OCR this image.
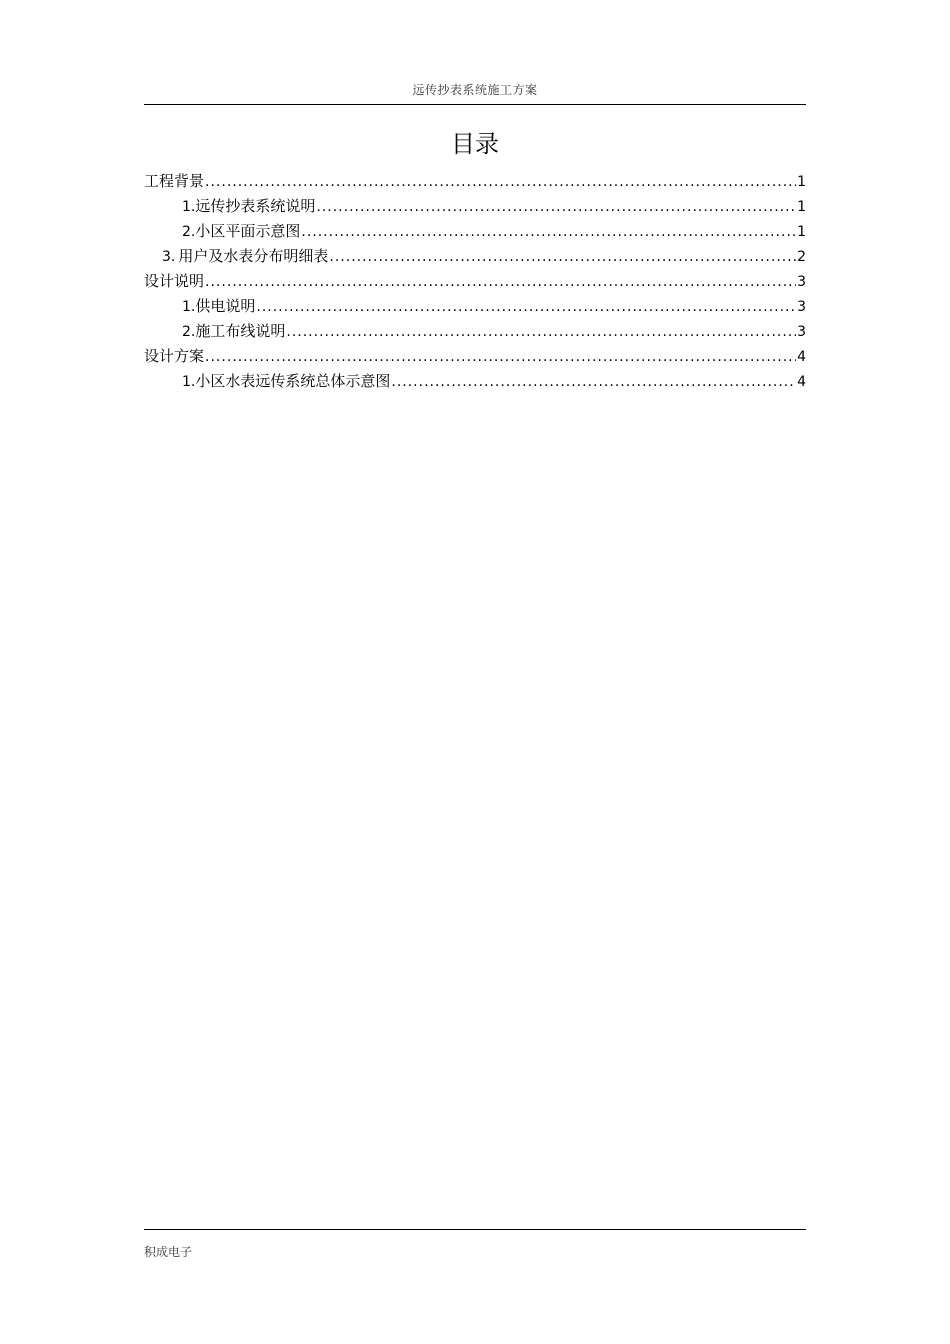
远传抄表系统施工方案
目录
工程背景 .....	1
1. 远传抄表系统说明 .....	1
2. 小区平面示意图 .....	1
3. 用户及水表分布明细表 .....	2
设计说明 .....	3
1. 供电说明 .....	3
2. 施工布线说明 .....	3
设计方案 .....	4
1. 小区水表远传系统总体示意图 .....	4
积成电子
